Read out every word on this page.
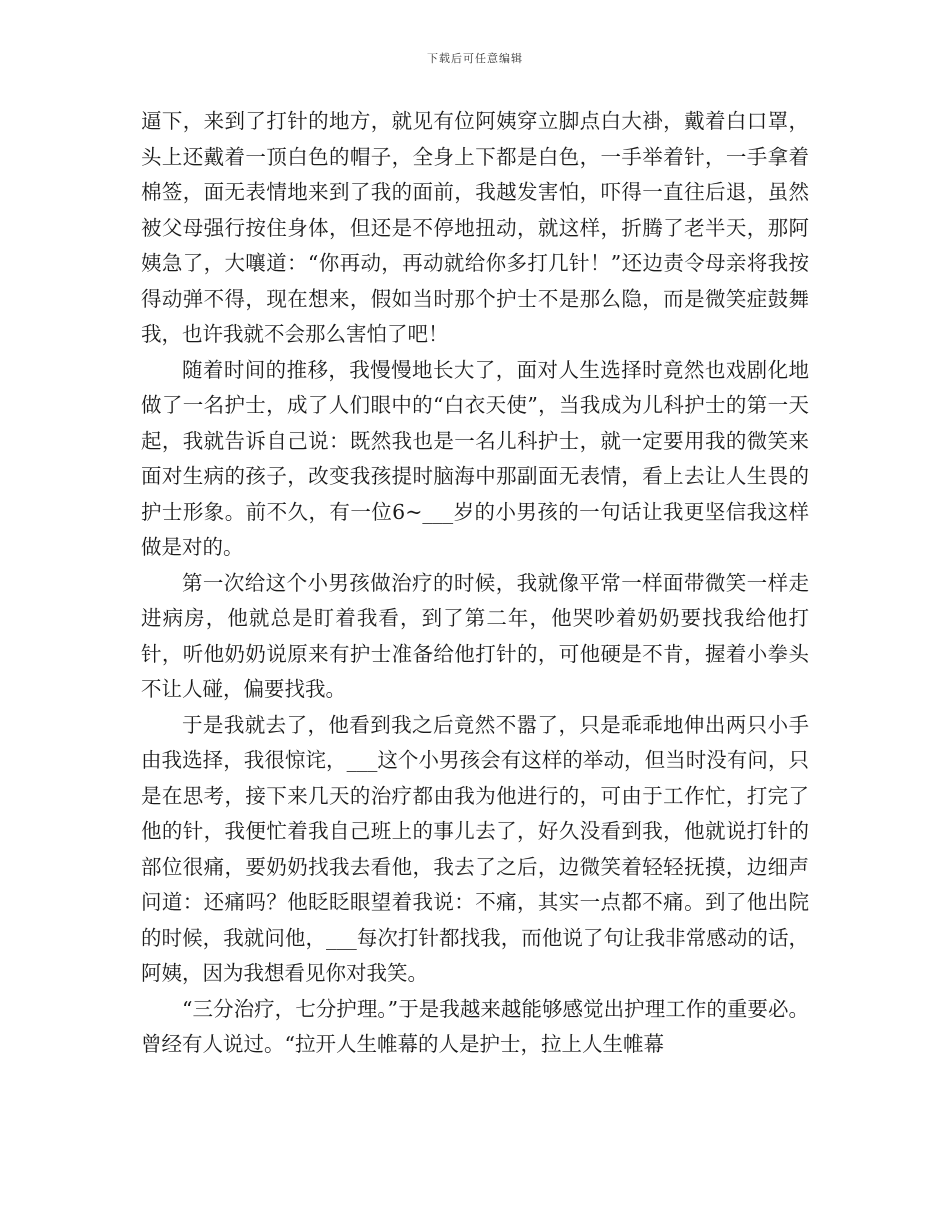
下载后可任意编辑

逼下，来到了打针的地方，就见有位阿姨穿立脚点白大褂，戴着白口罩，头上还戴着一顶白色的帽子，全身上下都是白色，一手举着针，一手拿着棉签，面无表情地来到了我的面前，我越发害怕，吓得一直往后退，虽然被父母强行按住身体，但还是不停地扭动，就这样，折腾了老半天，那阿姨急了，大嚷道：“你再动，再动就给你多打几针！”还边责令母亲将我按得动弹不得，现在想来，假如当时那个护士不是那么隐，而是微笑症鼓舞我，也许我就不会那么害怕了吧！

随着时间的推移，我慢慢地长大了，面对人生选择时竟然也戏剧化地做了一名护士，成了人们眼中的“白衣天使”，当我成为儿科护士的第一天起，我就告诉自己说：既然我也是一名儿科护士，就一定要用我的微笑来面对生病的孩子，改变我孩提时脑海中那副面无表情，看上去让人生畏的护士形象。前不久，有一位6~___岁的小男孩的一句话让我更坚信我这样做是对的。

第一次给这个小男孩做治疗的时候，我就像平常一样面带微笑一样走进病房，他就总是盯着我看，到了第二年，他哭吵着奶奶要找我给他打针，听他奶奶说原来有护士准备给他打针的，可他硬是不肯，握着小拳头不让人碰，偏要找我。

于是我就去了，他看到我之后竟然不嚣了，只是乖乖地伸出两只小手由我选择，我很惊诧，___这个小男孩会有这样的举动，但当时没有问，只是在思考，接下来几天的治疗都由我为他进行的，可由于工作忙，打完了他的针，我便忙着我自己班上的事儿去了，好久没看到我，他就说打针的部位很痛，要奶奶找我去看他，我去了之后，边微笑着轻轻抚摸，边细声问道：还痛吗？他眨眨眼望着我说：不痛，其实一点都不痛。到了他出院的时候，我就问他，___每次打针都找我，而他说了句让我非常感动的话，阿姨，因为我想看见你对我笑。

“三分治疗，七分护理。”于是我越来越能够感觉出护理工作的重要必。曾经有人说过。“拉开人生帷幕的人是护士，拉上人生帷幕
